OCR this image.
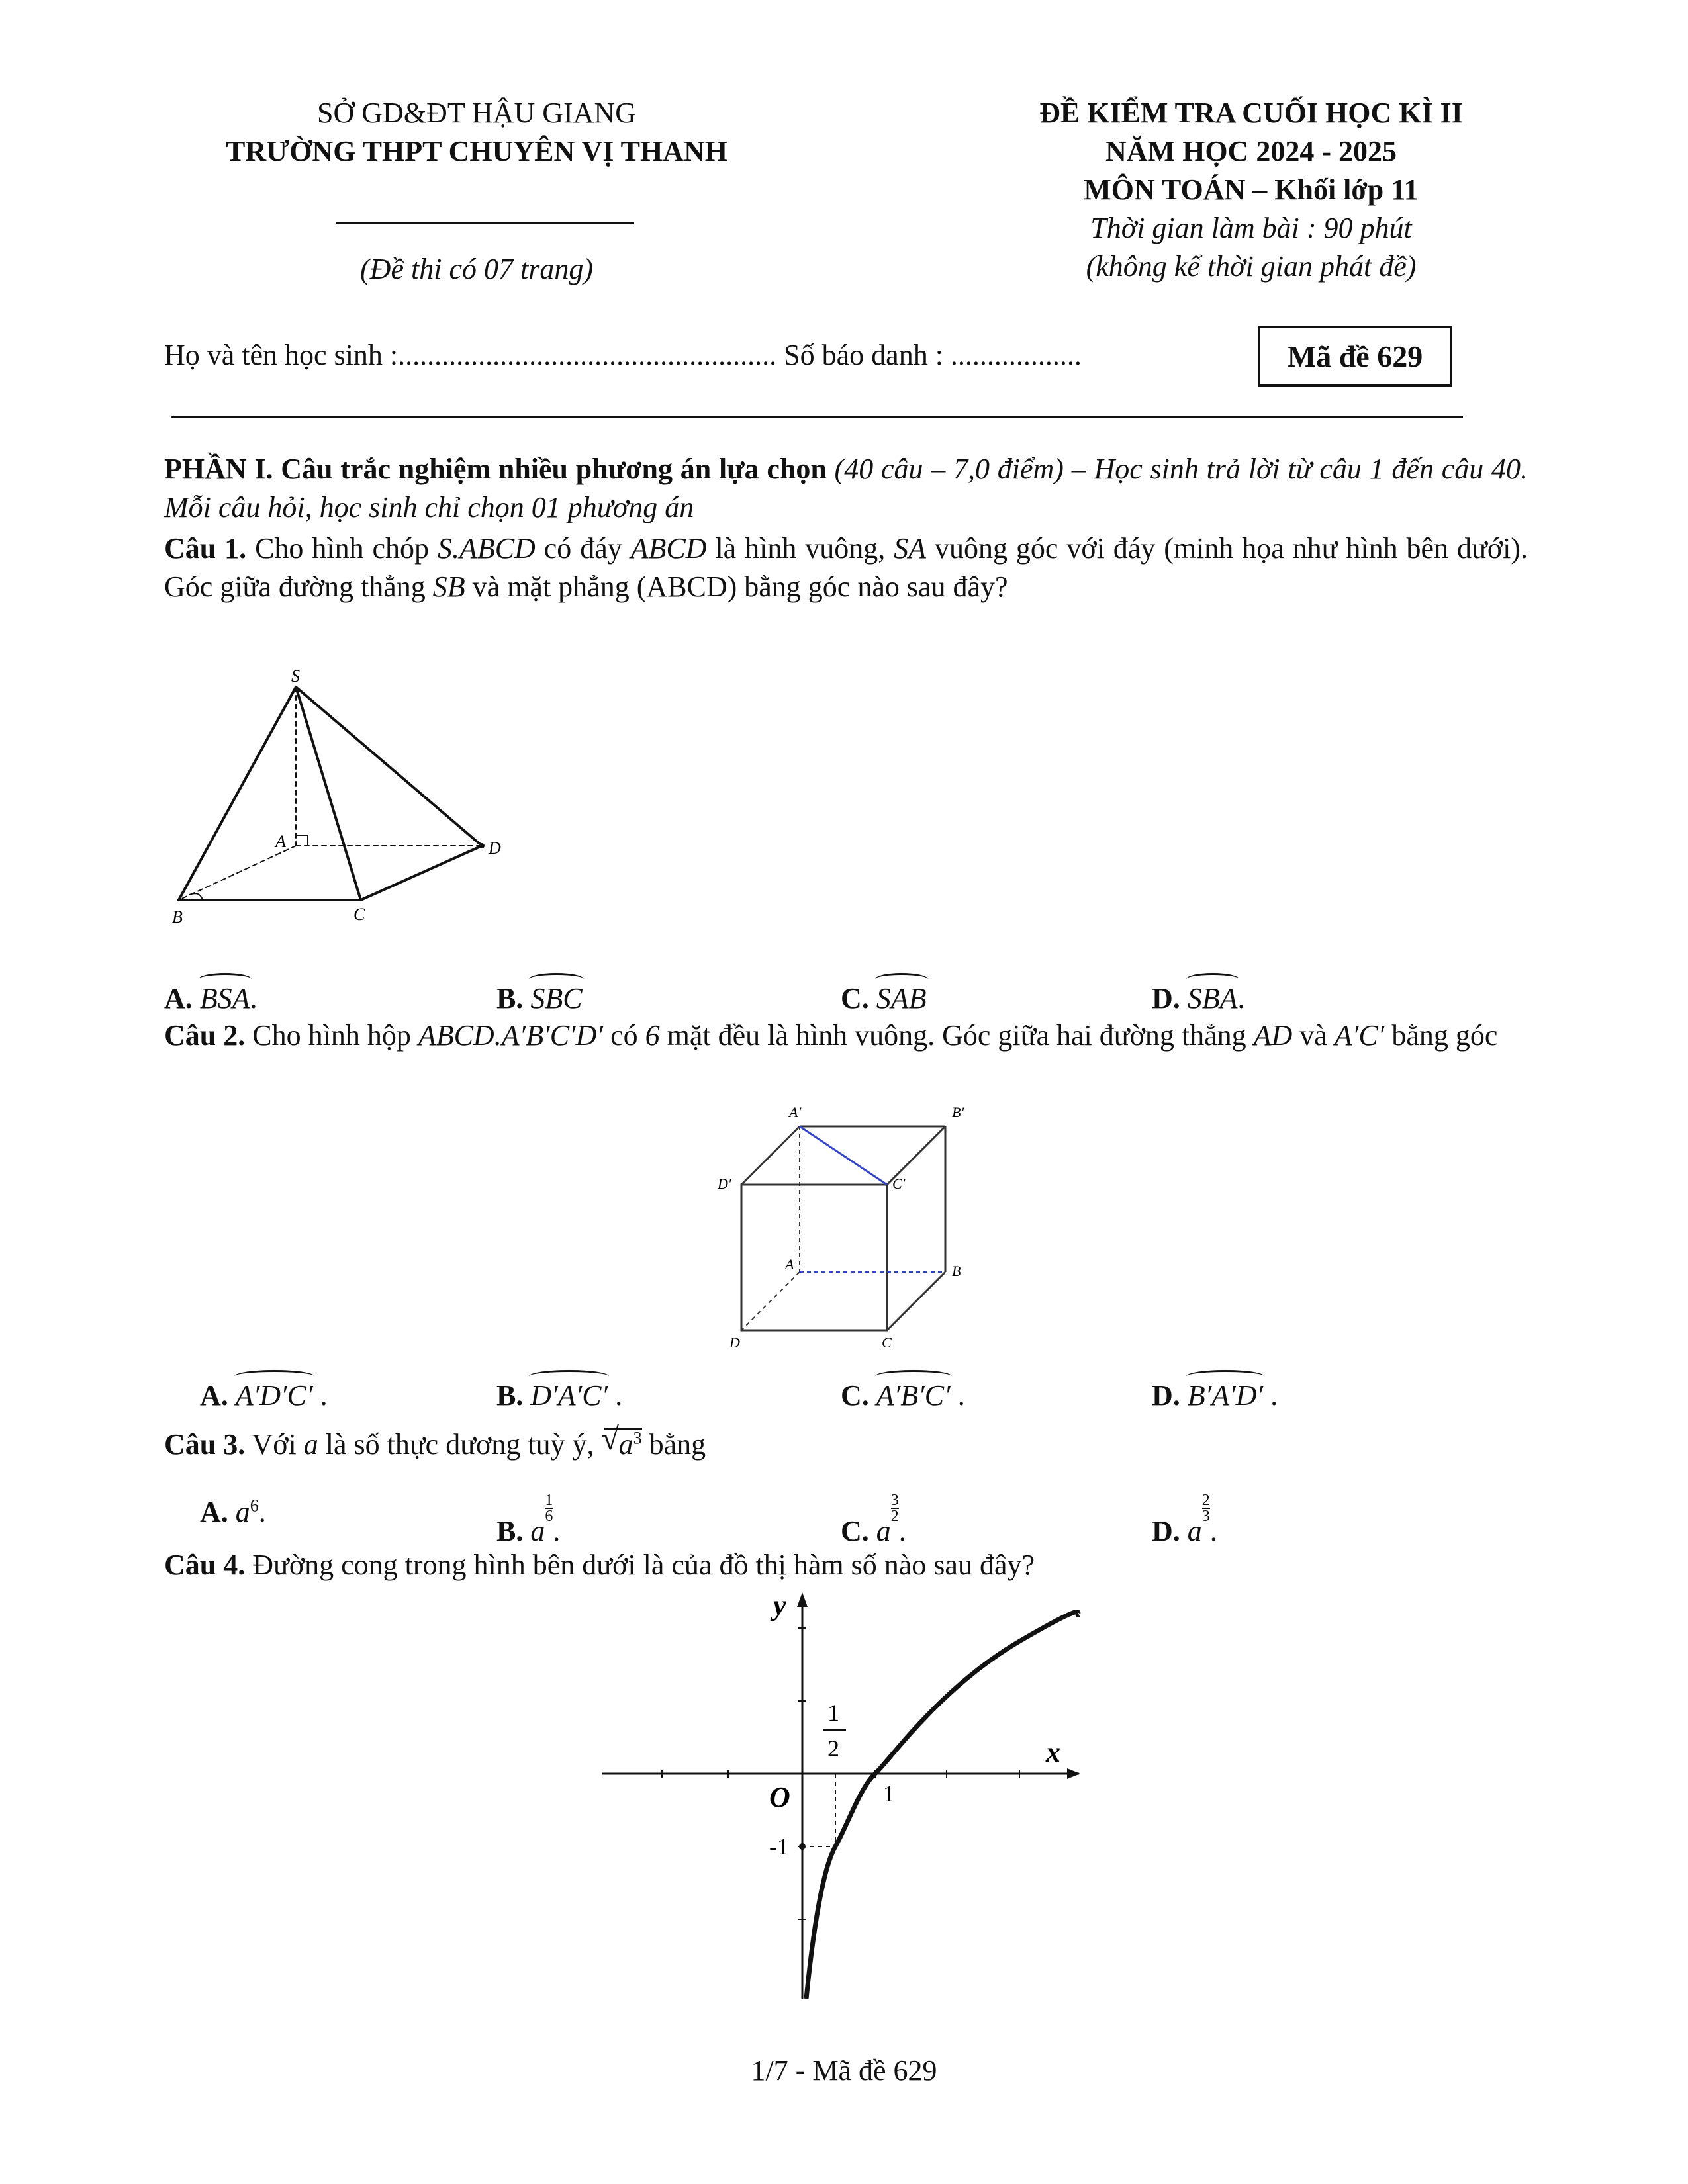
SỞ GD&ĐT HẬU GIANG
TRƯỜNG THPT CHUYÊN VỊ THANH
(Đề thi có 07 trang)
ĐỀ KIỂM TRA CUỐI HỌC KÌ II
NĂM HỌC 2024 - 2025
MÔN TOÁN – Khối lớp 11
Thời gian làm bài : 90 phút
(không kể thời gian phát đề)
Họ và tên học sinh :.................................................... Số báo danh : ..................	Mã đề 629
PHẦN I. Câu trắc nghiệm nhiều phương án lựa chọn (40 câu – 7,0 điểm) – Học sinh trả lời từ câu 1 đến câu 40. Mỗi câu hỏi, học sinh chỉ chọn 01 phương án
Câu 1. Cho hình chóp S.ABCD có đáy ABCD là hình vuông, SA vuông góc với đáy (minh họa như hình bên dưới). Góc giữa đường thẳng SB và mặt phẳng (ABCD) bằng góc nào sau đây?
S
A
B	C
D
A. BSA.	B. SBC	C. SAB	D. SBA.
Câu 2. Cho hình hộp ABCD.A′B′C′D′ có 6 mặt đều là hình vuông. Góc giữa hai đường thẳng AD và A′C′ bằng góc
A′	B′
D′	C′
A	B
D	C
A. A′D′C′ .	B. D′A′C′ .	C. A′B′C′ .	D. B′A′D′ .
Câu 3. Với a là số thực dương tuỳ ý, √ $a^3$ bằng
A. $a^6$.
B. a
$\frac{1}{6}$
.	C. a
$\frac{3}{2}$
.	D. a
$\frac{2}{3}$
.
Câu 4. Đường cong trong hình bên dưới là của đồ thị hàm số nào sau đây?
y
x
O	1
-1
1
2
1/7 - Mã đề 629
